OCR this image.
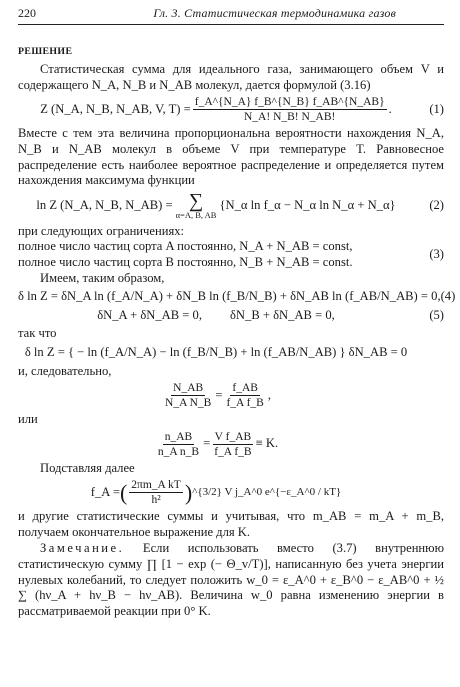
220	Гл. 3. Статистическая термодинамика газов
РЕШЕНИЕ

Статистическая сумма для идеального газа, занимающего объем V и содержащего N_A, N_B и N_AB молекул, дается формулой (3.16)

Z (N_A, N_B, N_AB, V, $T) = \frac{f\_A\^{}\{N\_A\} f\_B\^{}\{N\_B\} f\_AB\^{}\{N\_AB\}}{N\_A! N\_B! N\_AB!}$ .	(1)

Вместе с тем эта величина пропорциональна вероятности нахождения N_A, N_B и N_AB молекул в объеме V при температуре T. Равновесное распределение есть наиболее вероятное распределение и определяется путем нахождения максимума функции

ln Z (N_A, N_B, N_AB) = ∑
α=A, B, AB
{N_α ln f_α − N_α ln N_α + N_α}	(2)

при следующих ограничениях:

полное число частиц сорта A постоянно, N_A + N_AB = const,

полное число частиц сорта B постоянно, N_B + N_AB = const.

(3)

Имеем, таким образом,

δ ln Z = δN_A ln (f_A/N_A) + δN_B ln (f_B/N_B) + δN_AB ln (f_AB/N_AB) = 0, (4)
δN_A + δN_AB = 0, δN_B + δN_AB = 0,	(5)

так что

δ ln Z = { − ln (f_A/N_A) − ln (f_B/N_B) + ln (f_AB/N_AB) } δN_AB = 0

и, следовательно,

$\frac{N\_AB}{\text{N\_A N\_B}} = \frac{f\_AB}{\text{f\_A f\_B}}$ ,

или

$\frac{n\_AB}{\text{n\_A n\_B}} = \frac{\text{V f\_AB}}{\text{f\_A f\_B}} \equiv K$.

Подставляя далее

f_A = ( $\frac{\text{2πm\_A kT}}{\text{h²}}$ ) ^{3/2} V j_A^0 e^{−ε_A^0 / kT}

и другие статистические суммы и учитывая, что m_AB = m_A + m_B, получаем окончательное выражение для K.

Замечание. Если использовать вместо (3.7) внутреннюю статистическую сумму ∏ [1 − exp (− Θ_v/T)], написанную без учета энергии нулевых колебаний, то следует положить w_0 = ε_A^0 + ε_B^0 − ε_AB^0 + ½ ∑ (hν_A + hν_B − hν_AB). Величина w_0 равна изменению энергии в рассматриваемой реакции при 0° K.
